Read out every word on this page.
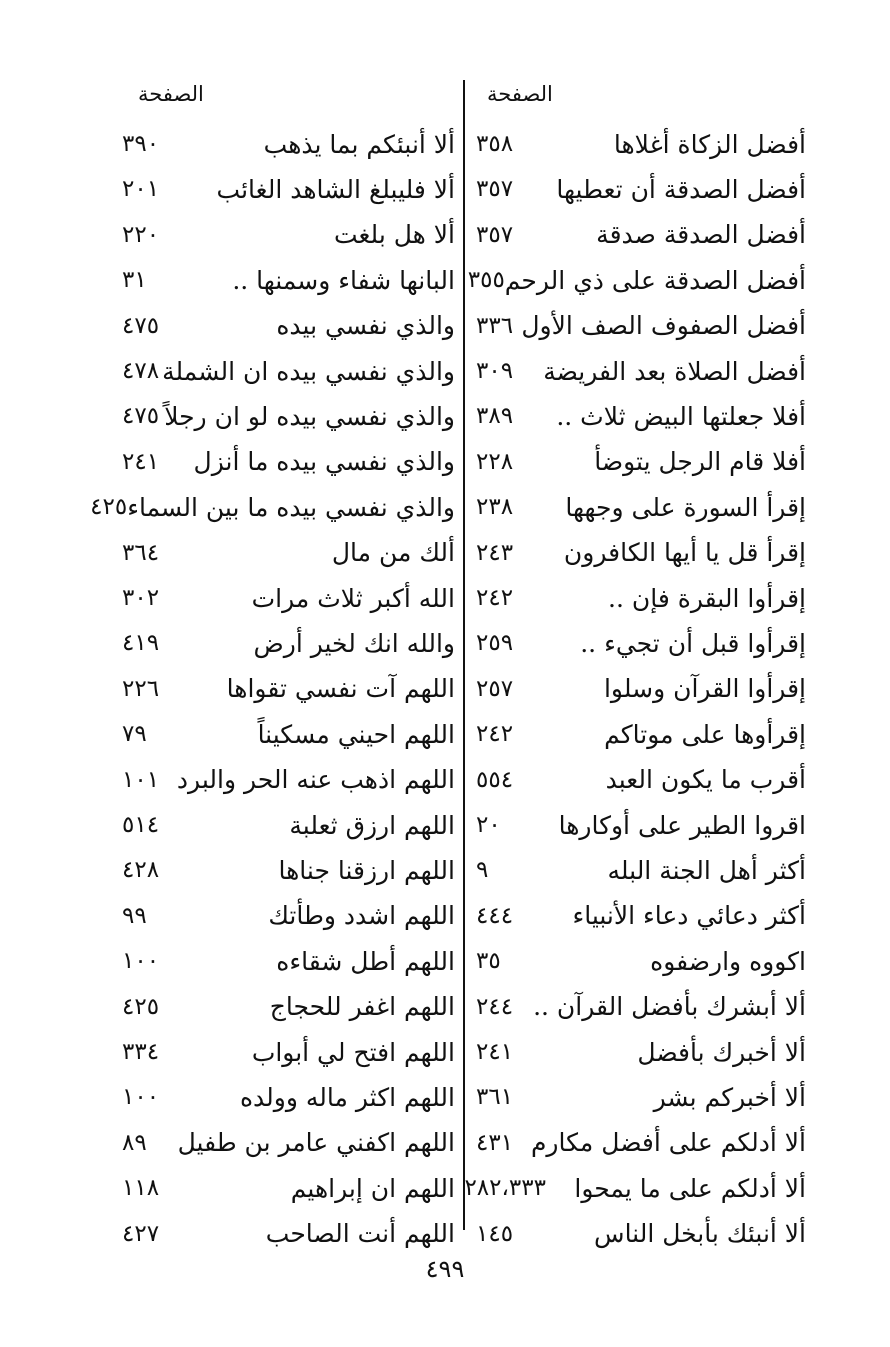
الصفحة
الصفحة
أفضل الزكاة أغلاها
٣٥٨
أفضل الصدقة أن تعطيها
٣٥٧
أفضل الصدقة صدقة
٣٥٧
أفضل الصدقة على ذي الرحم
٣٥٥
أفضل الصفوف الصف الأول
٣٣٦
أفضل الصلاة بعد الفريضة
٣٠٩
أفلا جعلتها البيض ثلاث ..
٣٨٩
أفلا قام الرجل يتوضأ
٢٢٨
إقرأ السورة على وجهها
٢٣٨
إقرأ قل يا أيها الكافرون
٢٤٣
إقرأوا البقرة فإن ..
٢٤٢
إقرأوا قبل أن تجيء ..
٢٥٩
إقرأوا القرآن وسلوا
٢٥٧
إقرأوها على موتاكم
٢٤٢
أقرب ما يكون العبد
٥٥٤
اقروا الطير على أوكارها
٢٠
أكثر أهل الجنة البله
٩
أكثر دعائي دعاء الأنبياء
٤٤٤
اكووه وارضفوه
٣٥
ألا أبشرك بأفضل القرآن ..
٢٤٤
ألا أخبرك بأفضل
٢٤١
ألا أخبركم بشر
٣٦١
ألا أدلكم على أفضل مكارم
٤٣١
ألا أدلكم على ما يمحوا
٢٨٢،٣٣٣
ألا أنبئك بأبخل الناس
١٤٥
ألا أنبئكم بما يذهب
٣٩٠
ألا فليبلغ الشاهد الغائب
٢٠١
ألا هل بلغت
٢٢٠
البانها شفاء وسمنها ..
٣١
والذي نفسي بيده
٤٧٥
والذي نفسي بيده ان الشملة
٤٧٨
والذي نفسي بيده لو ان رجلاً
٤٧٥
والذي نفسي بيده ما أنزل
٢٤١
والذي نفسي بيده ما بين السماء
٤٢٥
ألك من مال
٣٦٤
الله أكبر ثلاث مرات
٣٠٢
والله انك لخير أرض
٤١٩
اللهم آت نفسي تقواها
٢٢٦
اللهم احيني مسكيناً
٧٩
اللهم اذهب عنه الحر والبرد
١٠١
اللهم ارزق ثعلبة
٥١٤
اللهم ارزقنا جناها
٤٢٨
اللهم اشدد وطأتك
٩٩
اللهم أطل شقاءه
١٠٠
اللهم اغفر للحجاج
٤٢٥
اللهم افتح لي أبواب
٣٣٤
اللهم اكثر ماله وولده
١٠٠
اللهم اكفني عامر بن طفيل
٨٩
اللهم ان إبراهيم
١١٨
اللهم أنت الصاحب
٤٢٧
٤٩٩
